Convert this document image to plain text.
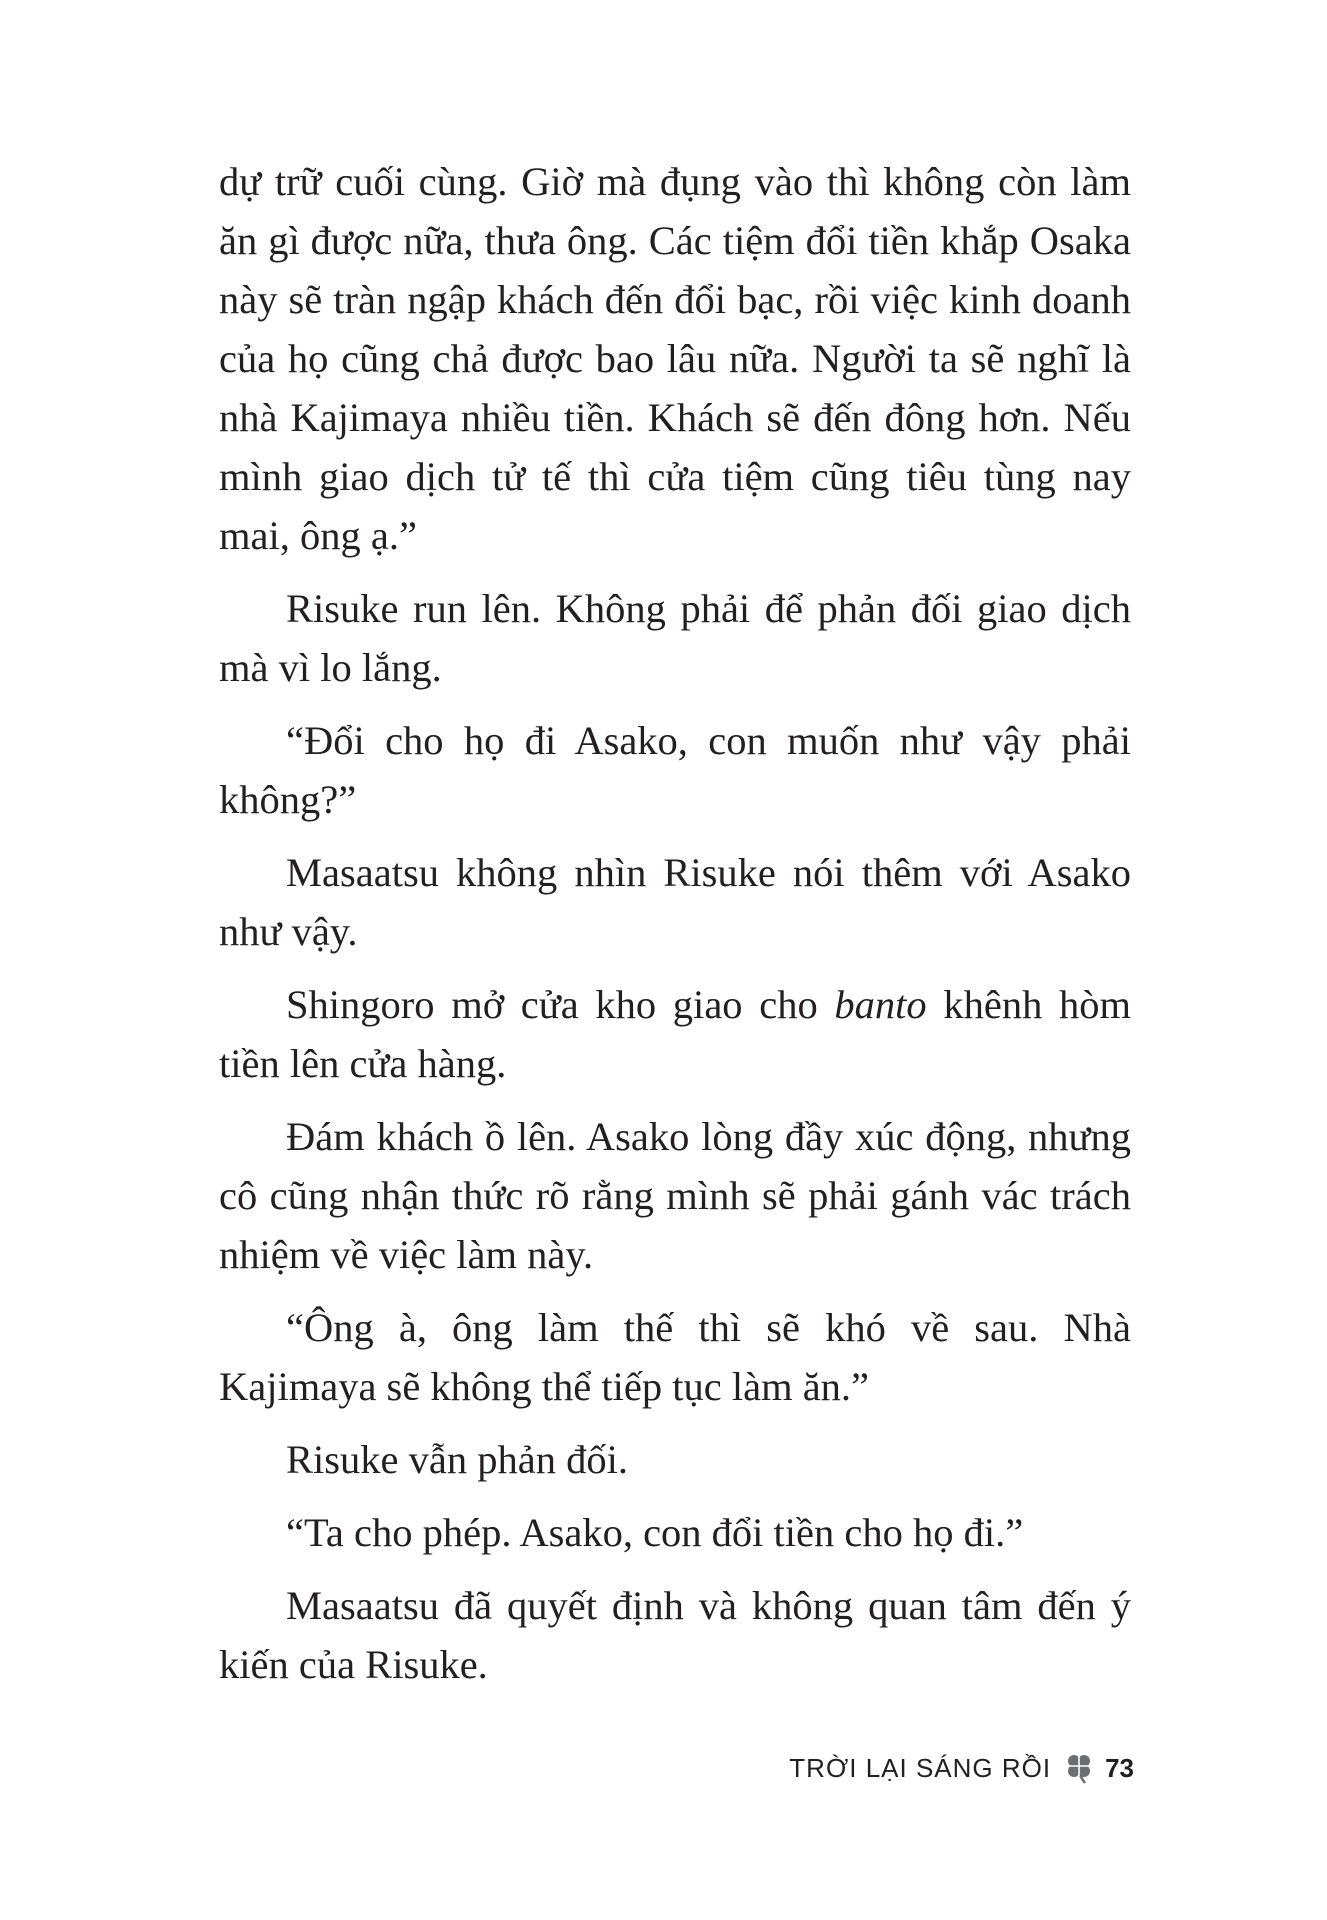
dự trữ cuối cùng. Giờ mà đụng vào thì không còn làm ăn gì được nữa, thưa ông. Các tiệm đổi tiền khắp Osaka này sẽ tràn ngập khách đến đổi bạc, rồi việc kinh doanh của họ cũng chả được bao lâu nữa. Người ta sẽ nghĩ là nhà Kajimaya nhiều tiền. Khách sẽ đến đông hơn. Nếu mình giao dịch tử tế thì cửa tiệm cũng tiêu tùng nay mai, ông ạ.”

Risuke run lên. Không phải để phản đối giao dịch mà vì lo lắng.

“Đổi cho họ đi Asako, con muốn như vậy phải không?”

Masaatsu không nhìn Risuke nói thêm với Asako như vậy.

Shingoro mở cửa kho giao cho banto khênh hòm tiền lên cửa hàng.

Đám khách ồ lên. Asako lòng đầy xúc động, nhưng cô cũng nhận thức rõ rằng mình sẽ phải gánh vác trách nhiệm về việc làm này.

“Ông à, ông làm thế thì sẽ khó về sau. Nhà Kajimaya sẽ không thể tiếp tục làm ăn.”

Risuke vẫn phản đối.

“Ta cho phép. Asako, con đổi tiền cho họ đi.”

Masaatsu đã quyết định và không quan tâm đến ý kiến của Risuke.

TRỜI LẠI SÁNG RỒI 73
